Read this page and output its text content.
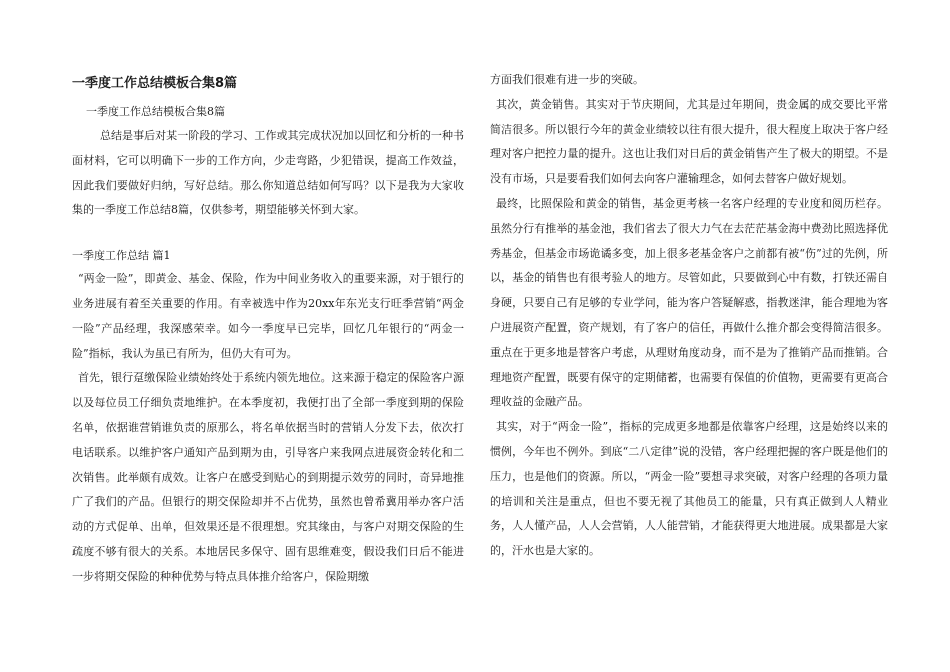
一季度工作总结模板合集8篇
一季度工作总结模板合集8篇

总结是事后对某一阶段的学习、工作或其完成状况加以回忆和分析的一种书面材料，它可以明确下一步的工作方向，少走弯路，少犯错误，提高工作效益，因此我们要做好归纳，写好总结。那么你知道总结如何写吗？以下是我为大家收集的一季度工作总结8篇，仅供参考，期望能够关怀到大家。

一季度工作总结 篇1

“两金一险”，即黄金、基金、保险，作为中间业务收入的重要来源，对于银行的业务进展有着至关重要的作用。有幸被选中作为20xx年东光支行旺季营销“两金一险”产品经理，我深感荣幸。如今一季度早已完毕，回忆几年银行的“两金一险”指标，我认为虽已有所为，但仍大有可为。

首先，银行趸缴保险业绩始终处于系统内领先地位。这来源于稳定的保险客户源以及每位员工仔细负责地维护。在本季度初，我便打出了全部一季度到期的保险名单，依据谁营销谁负责的原那么，将名单依据当时的营销人分发下去，依次打电话联系。以维护客户通知产品到期为由，引导客户来我网点进展资金转化和二次销售。此举颇有成效。让客户在感受到贴心的到期提示效劳的同时，奇异地推广了我们的产品。但银行的期交保险却并不占优势，虽然也曾希冀用举办客户活动的方式促单、出单，但效果还是不很理想。究其缘由，与客户对期交保险的生疏度不够有很大的关系。本地居民多保守、固有思维难变，假设我们日后不能进一步将期交保险的种种优势与特点具体推介给客户，保险期缴

方面我们很难有进一步的突破。

其次，黄金销售。其实对于节庆期间，尤其是过年期间，贵金属的成交要比平常简洁很多。所以银行今年的黄金业绩较以往有很大提升，很大程度上取决于客户经理对客户把控力量的提升。这也让我们对日后的黄金销售产生了极大的期望。不是没有市场，只是要看我们如何去向客户灌输理念，如何去替客户做好规划。

最终，比照保险和黄金的销售，基金更考核一名客户经理的专业度和阅历栏存。虽然分行有推举的基金池，我们省去了很大力气在去茫茫基金海中费劲比照选择优秀基金，但基金市场诡谲多变，加上很多老基金客户之前都有被“伤”过的先例，所以，基金的销售也有很考验人的地方。尽管如此，只要做到心中有数，打铁还需自身硬，只要自己有足够的专业学问，能为客户答疑解惑，指教迷津，能合理地为客户进展资产配置，资产规划，有了客户的信任，再做什么推介都会变得简洁很多。重点在于更多地是替客户考虑，从理财角度动身，而不是为了推销产品而推销。合理地资产配置，既要有保守的定期储蓄，也需要有保值的价值物，更需要有更高合理收益的金融产品。

其实，对于“两金一险”，指标的完成更多地都是依靠客户经理，这是始终以来的惯例，今年也不例外。到底“二八定律”说的没错，客户经理把握的客户既是他们的压力，也是他们的资源。所以，“两金一险”要想寻求突破，对客户经理的各项力量的培训和关注是重点，但也不要无视了其他员工的能量，只有真正做到人人精业务，人人懂产品，人人会营销，人人能营销，才能获得更大地进展。成果都是大家的，汗水也是大家的。
